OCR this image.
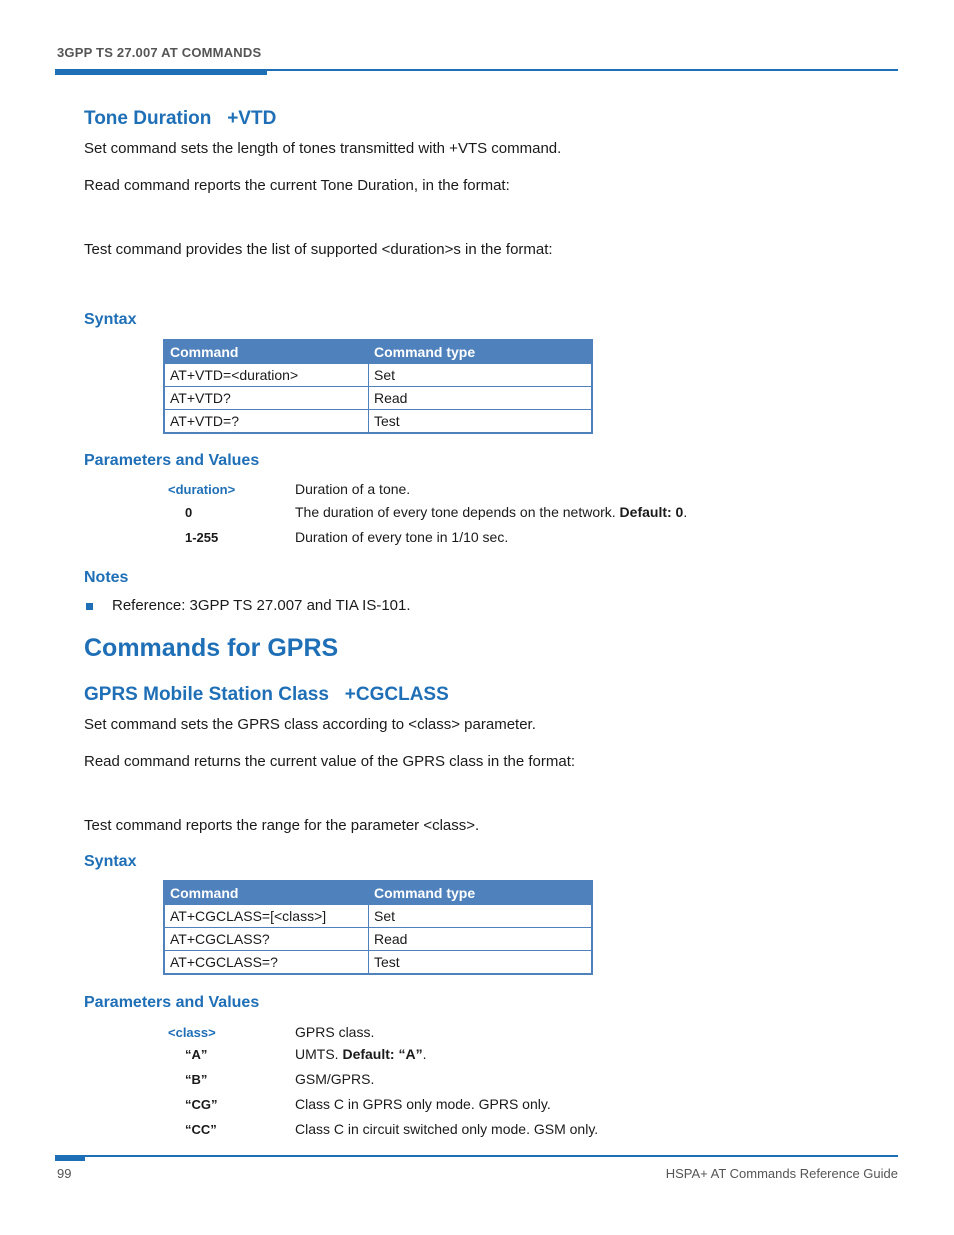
3GPP TS 27.007 AT COMMANDS
Tone Duration   +VTD
Set command sets the length of tones transmitted with +VTS command.
Read command reports the current Tone Duration, in the format:
Test command provides the list of supported <duration>s in the format:
Syntax
Command	Command type
AT+VTD=<duration>	Set
AT+VTD?	Read
AT+VTD=?	Test
Parameters and Values
<duration>	Duration of a tone.
0	The duration of every tone depends on the network. Default: 0.
1-255	Duration of every tone in 1/10 sec.
Notes
Reference: 3GPP TS 27.007 and TIA IS-101.
Commands for GPRS
GPRS Mobile Station Class   +CGCLASS
Set command sets the GPRS class according to <class> parameter.
Read command returns the current value of the GPRS class in the format:
Test command reports the range for the parameter <class>.
Syntax
Command	Command type
AT+CGCLASS=[<class>]	Set
AT+CGCLASS?	Read
AT+CGCLASS=?	Test
Parameters and Values
<class>	GPRS class.
“A”	UMTS. Default: “A”.
“B”	GSM/GPRS.
“CG”	Class C in GPRS only mode. GPRS only.
“CC”	Class C in circuit switched only mode. GSM only.
99	HSPA+ AT Commands Reference Guide
